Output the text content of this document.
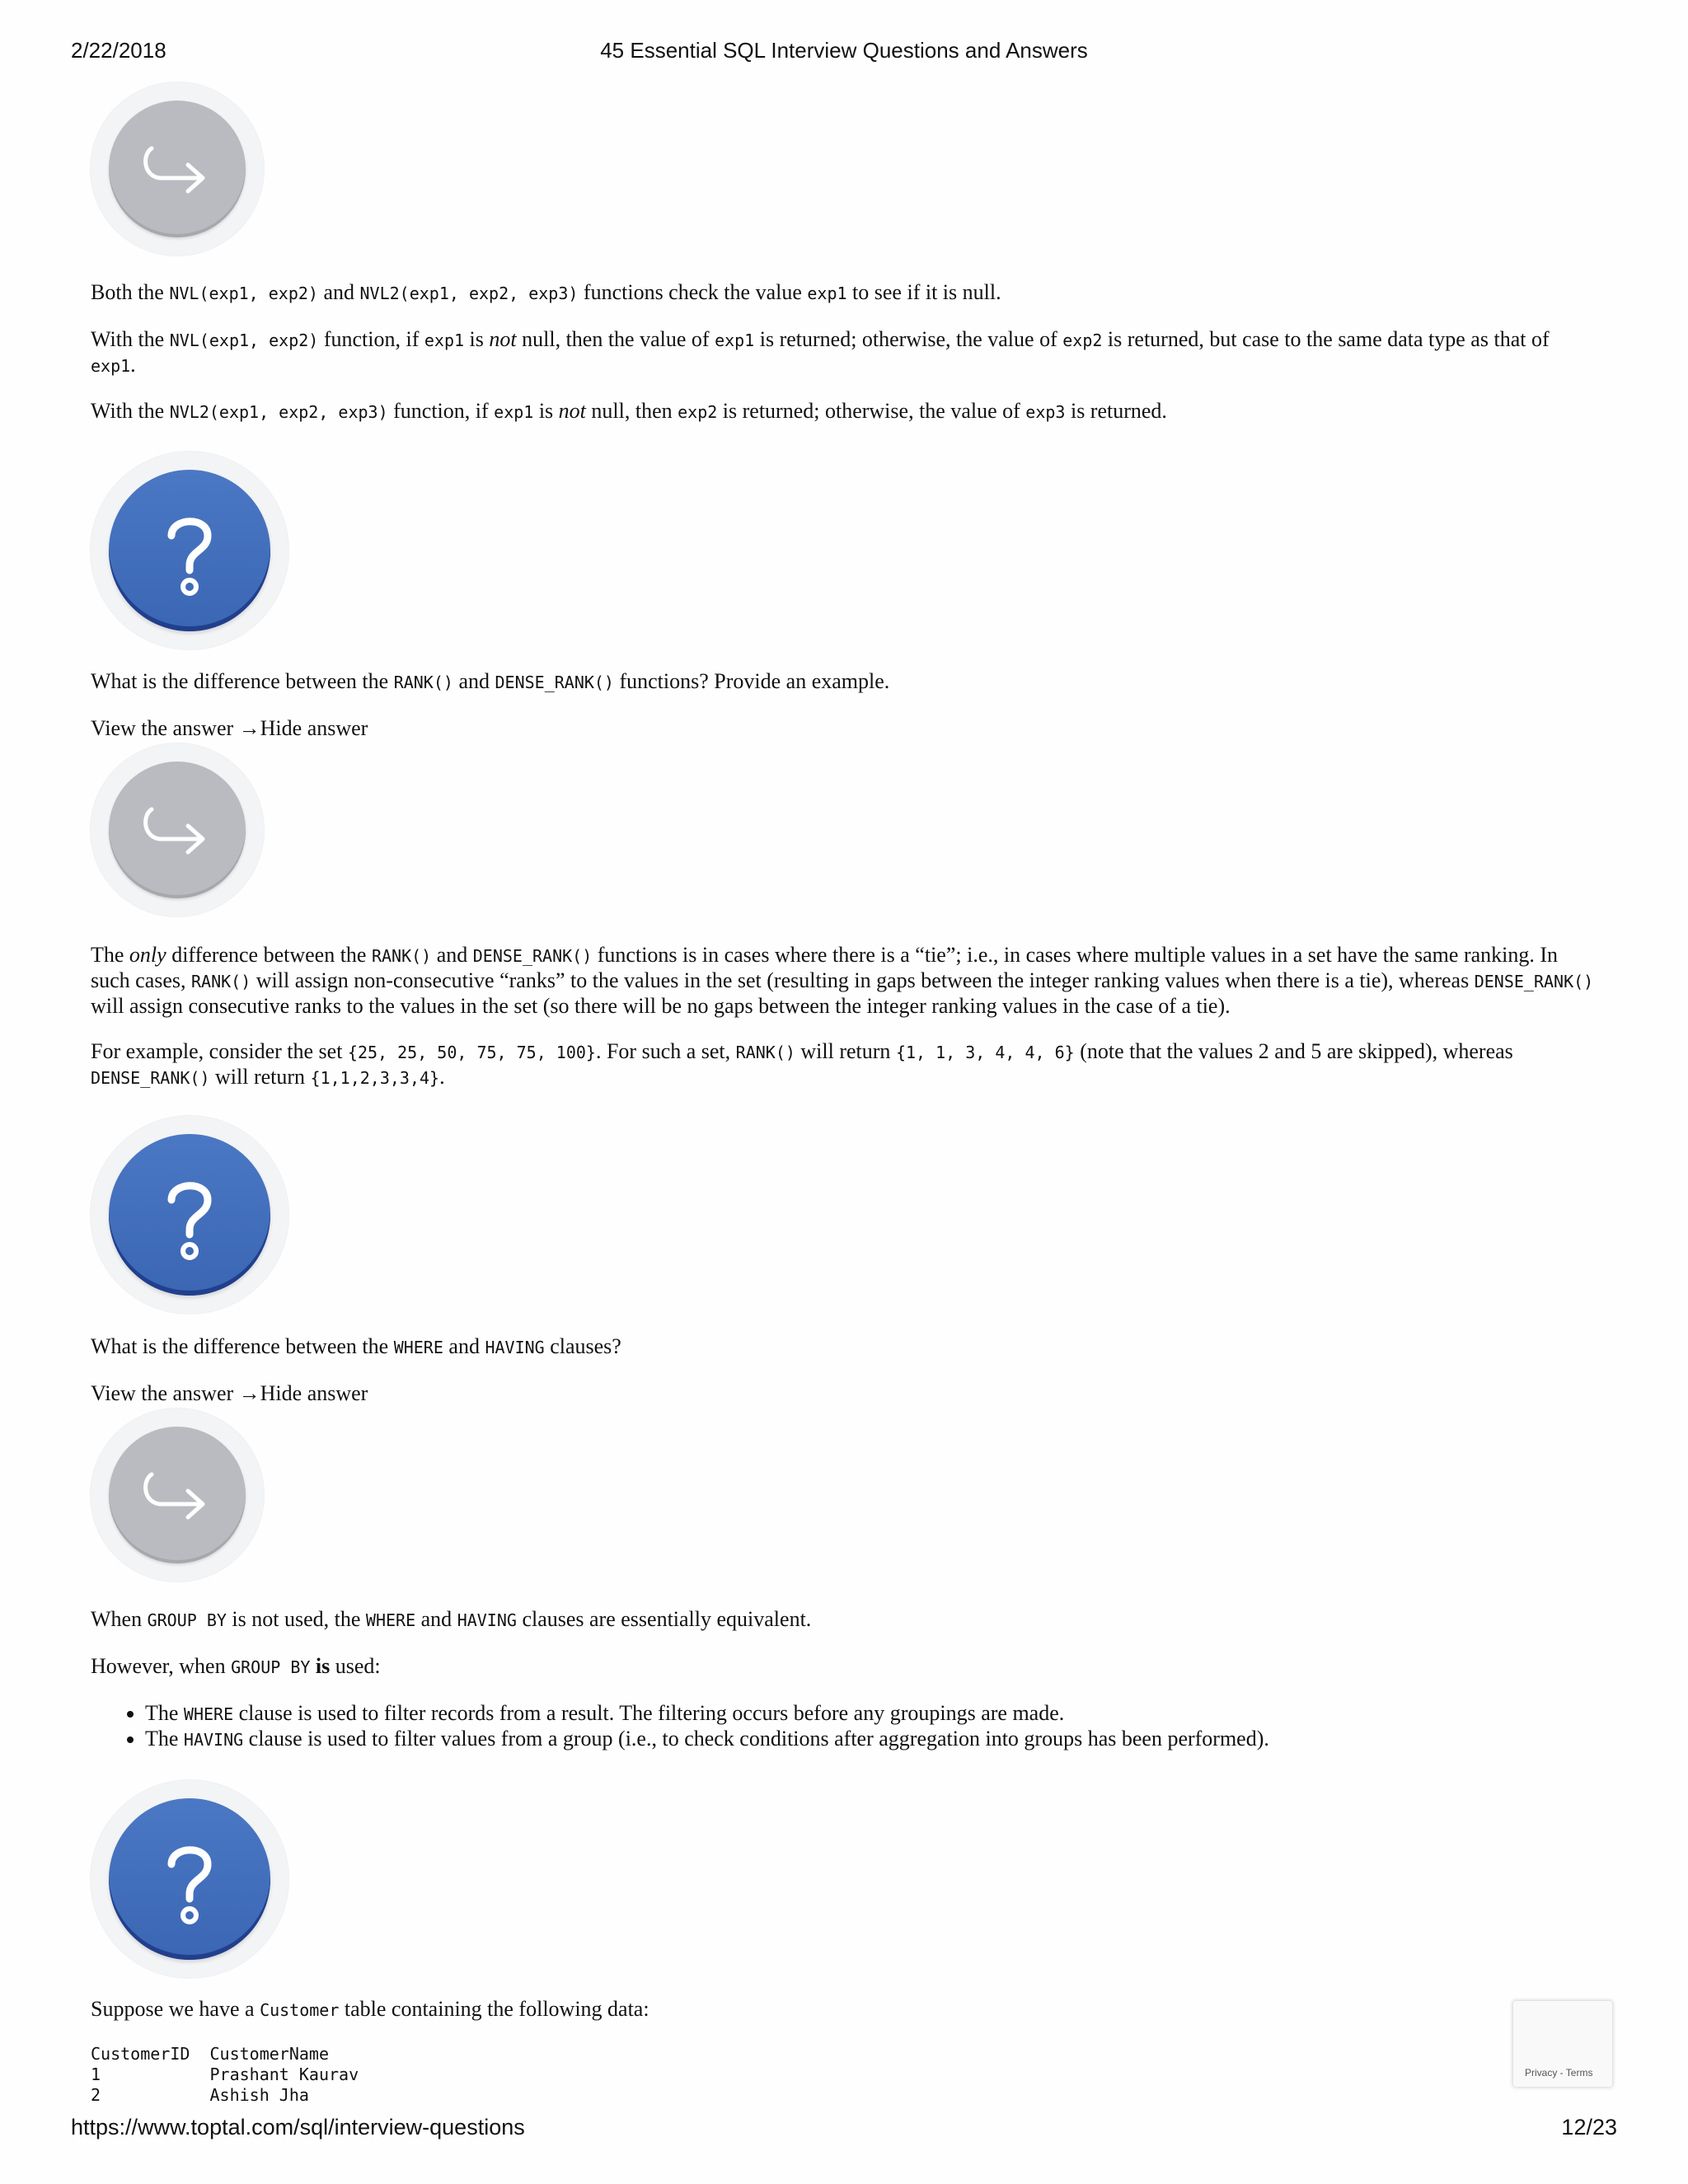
2/22/2018	45 Essential SQL Interview Questions and Answers

Both the NVL(exp1, exp2) and NVL2(exp1, exp2, exp3) functions check the value exp1 to see if it is null.

With the NVL(exp1, exp2) function, if exp1 is not null, then the value of exp1 is returned; otherwise, the value of exp2 is returned, but case to the same data type as that of exp1.

With the NVL2(exp1, exp2, exp3) function, if exp1 is not null, then exp2 is returned; otherwise, the value of exp3 is returned.

What is the difference between the RANK() and DENSE_RANK() functions? Provide an example.

View the answer →Hide answer

The only difference between the RANK() and DENSE_RANK() functions is in cases where there is a “tie”; i.e., in cases where multiple values in a set have the same ranking. In such cases, RANK() will assign non-consecutive “ranks” to the values in the set (resulting in gaps between the integer ranking values when there is a tie), whereas DENSE_RANK() will assign consecutive ranks to the values in the set (so there will be no gaps between the integer ranking values in the case of a tie).

For example, consider the set {25, 25, 50, 75, 75, 100}. For such a set, RANK() will return {1, 1, 3, 4, 4, 6} (note that the values 2 and 5 are skipped), whereas DENSE_RANK() will return {1,1,2,3,3,4}.

What is the difference between the WHERE and HAVING clauses?

View the answer →Hide answer

When GROUP BY is not used, the WHERE and HAVING clauses are essentially equivalent.

However, when GROUP BY is used:

• The WHERE clause is used to filter records from a result. The filtering occurs before any groupings are made.
• The HAVING clause is used to filter values from a group (i.e., to check conditions after aggregation into groups has been performed).

Suppose we have a Customer table containing the following data:

CustomerID CustomerName
1	Prashant Kaurav
2	Ashish Jha
Privacy - Terms
https://www.toptal.com/sql/interview-questions	12/23
